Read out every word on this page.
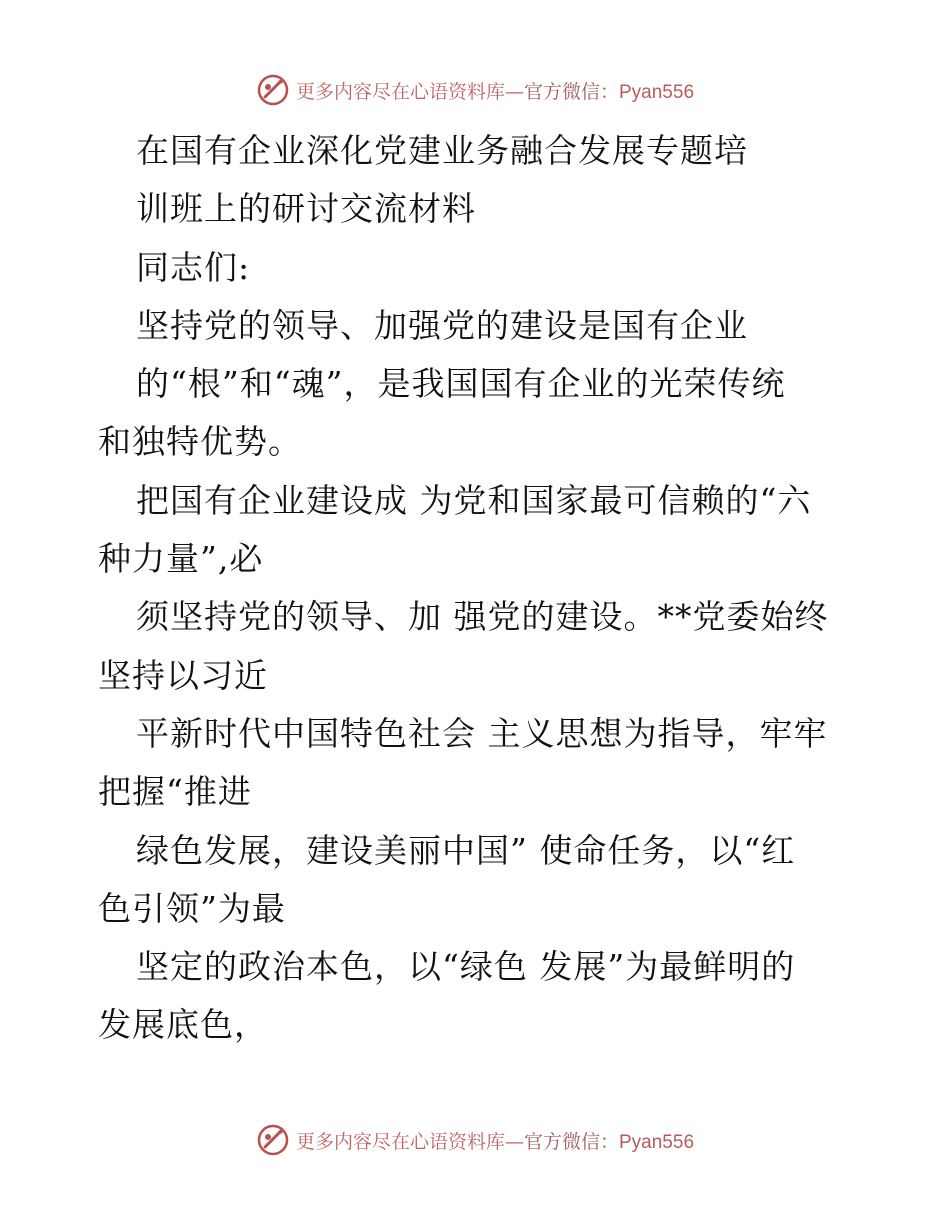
更多内容尽在心语资料库—官方微信：Pyan556
在国有企业深化党建业务融合发展专题培
训班上的研讨交流材料
同志们:
坚持党的领导、加强党的建设是国有企业
的“根”和“魂”，是我国国有企业的光荣传统
和独特优势。
把国有企业建设成 为党和国家最可信赖的“六
种力量”,必
须坚持党的领导、加 强党的建设。**党委始终
坚持以习近
平新时代中国特色社会 主义思想为指导，牢牢
把握“推进
绿色发展，建设美丽中国” 使命任务，以“红
色引领”为最
坚定的政治本色，以“绿色 发展”为最鲜明的
发展底色，
更多内容尽在心语资料库—官方微信：Pyan556
